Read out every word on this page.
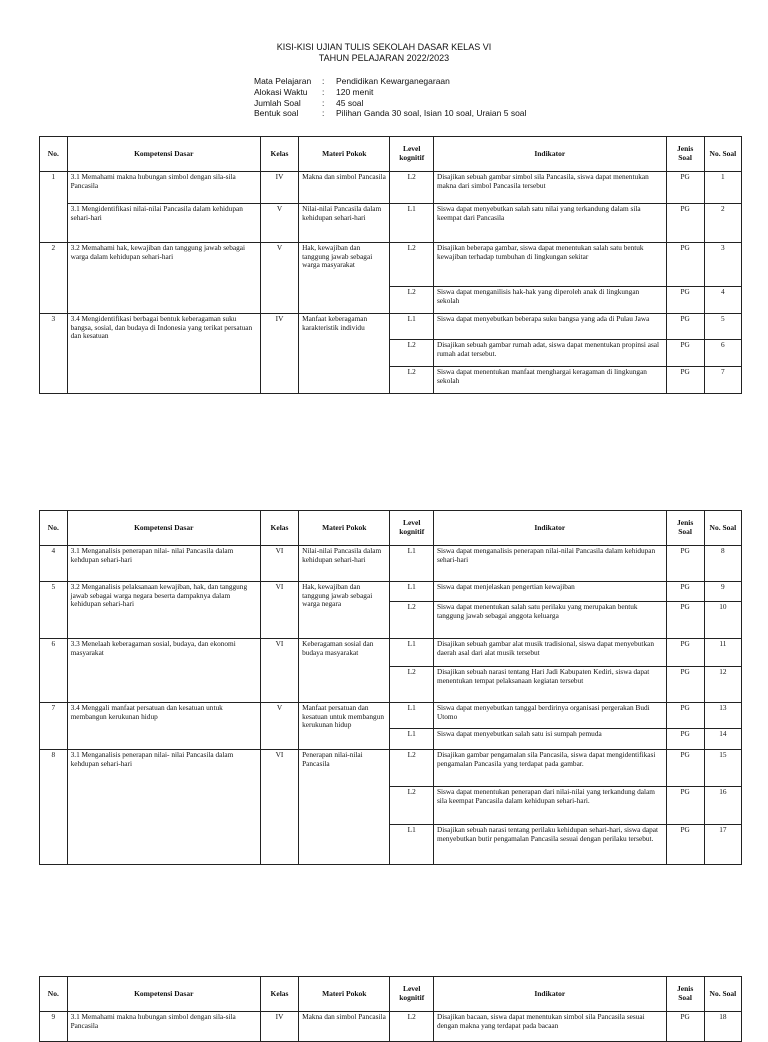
KISI-KISI UJIAN TULIS SEKOLAH DASAR KELAS VI
TAHUN PELAJARAN 2022/2023
Mata Pelajaran	:	Pendidikan Kewarganegaraan
Alokasi Waktu	:	120 menit
Jumlah Soal	:	45 soal
Bentuk soal	:	Pilihan Ganda 30 soal, Isian 10 soal, Uraian 5 soal
No.	Kompetensi Dasar	Kelas	Materi Pokok	Level kognitif	Indikator	Jenis Soal	No. Soal
1	3.1 Memahami makna hubungan simbol dengan sila-sila Pancasila	IV	Makna dan simbol Pancasila	L2	Disajikan sebuah gambar simbol sila Pancasila, siswa dapat menentukan makna dari simbol Pancasila tersebut	PG	1
	3.1 Mengidentifikasi nilai-nilai Pancasila dalam kehidupan sehari-hari	V	Nilai-nilai Pancasila dalam kehidupan sehari-hari	L1	Siswa dapat menyebutkan salah satu nilai yang terkandung dalam sila keempat dari Pancasila	PG	2
2	3.2 Memahami hak, kewajiban dan tanggung jawab sebagai warga dalam kehidupan sehari-hari	V	Hak, kewajiban dan tanggung jawab sebagai warga masyarakat	L2	Disajikan beberapa gambar, siswa dapat menentukan salah satu bentuk kewajiban terhadap tumbuhan di lingkungan sekitar	PG	3
				L2	Siswa dapat menganilisis hak-hak yang diperoleh anak di lingkungan sekolah	PG	4
3	3.4 Mengidentifikasi berbagai bentuk keberagaman suku bangsa, sosial, dan budaya di Indonesia yang terikat persatuan dan kesatuan	IV	Manfaat keberagaman karakteristik individu	L1	Siswa dapat menyebutkan beberapa suku bangsa yang ada di Pulau Jawa	PG	5
				L2	Disajikan sebuah gambar rumah adat, siswa dapat menentukan propinsi asal rumah adat tersebut.	PG	6
				L2	Siswa dapat menentukan manfaat menghargai keragaman di lingkungan sekolah	PG	7
No.	Kompetensi Dasar	Kelas	Materi Pokok	Level kognitif	Indikator	Jenis Soal	No. Soal
4	3.1 Menganalisis penerapan nilai- nilai Pancasila dalam kehdupan sehari-hari	VI	Nilai-nilai Pancasila dalam kehidupan sehari-hari	L1	Siswa dapat menganalisis penerapan nilai-nilai Pancasila dalam kehidupan sehari-hari	PG	8
5	3.2 Menganalisis pelaksanaan kewajiban, hak, dan tanggung jawab sebagai warga negara beserta dampaknya dalam kehidupan sehari-hari	VI	Hak, kewajiban dan tanggung jawab sebagai warga negara	L1	Siswa dapat menjelaskan pengertian kewajiban	PG	9
				L2	Siswa dapat menentukan salah satu perilaku yang merupakan bentuk tanggung jawab sebagai anggota keluarga	PG	10
6	3.3 Menelaah keberagaman sosial, budaya, dan ekonomi masyarakat	VI	Keberagaman sosial dan budaya masyarakat	L1	Disajikan sebuah gambar alat musik tradisional, siswa dapat menyebutkan daerah asal dari alat musik tersebut	PG	11
				L2	Disajikan sebuah narasi tentang Hari Jadi Kabupaten Kediri, siswa dapat menentukan tempat pelaksanaan kegiatan tersebut	PG	12
7	3.4 Menggali manfaat persatuan dan kesatuan untuk membangun kerukunan hidup	V	Manfaat persatuan dan kesatuan untuk membangun kerukunan hidup	L1	Siswa dapat menyebutkan tanggal berdirinya organisasi pergerakan Budi Utomo	PG	13
				L1	Siswa dapat menyebutkan salah satu isi sumpah pemuda	PG	14
8	3.1 Menganalisis penerapan nilai- nilai Pancasila dalam kehdupan sehari-hari	VI	Penerapan nilai-nilai Pancasila	L2	Disajikan gambar pengamalan sila Pancasila, siswa dapat mengidentifikasi pengamalan Pancasila yang terdapat pada gambar.	PG	15
				L2	Siswa dapat menentukan penerapan dari nilai-nilai yang terkandung dalam sila keempat Pancasila dalam kehidupan sehari-hari.	PG	16
				L1	Disajikan sebuah narasi tentang perilaku kehidupan sehari-hari, siswa dapat menyebutkan butir pengamalan Pancasila sesuai dengan perilaku tersebut.	PG	17
No.	Kompetensi Dasar	Kelas	Materi Pokok	Level kognitif	Indikator	Jenis Soal	No. Soal
9	3.1 Memahami makna hubungan simbol dengan sila-sila Pancasila	IV	Makna dan simbol Pancasila	L2	Disajikan bacaan, siswa dapat menentukan simbol sila Pancasila sesuai dengan makna yang terdapat pada bacaan	PG	18
